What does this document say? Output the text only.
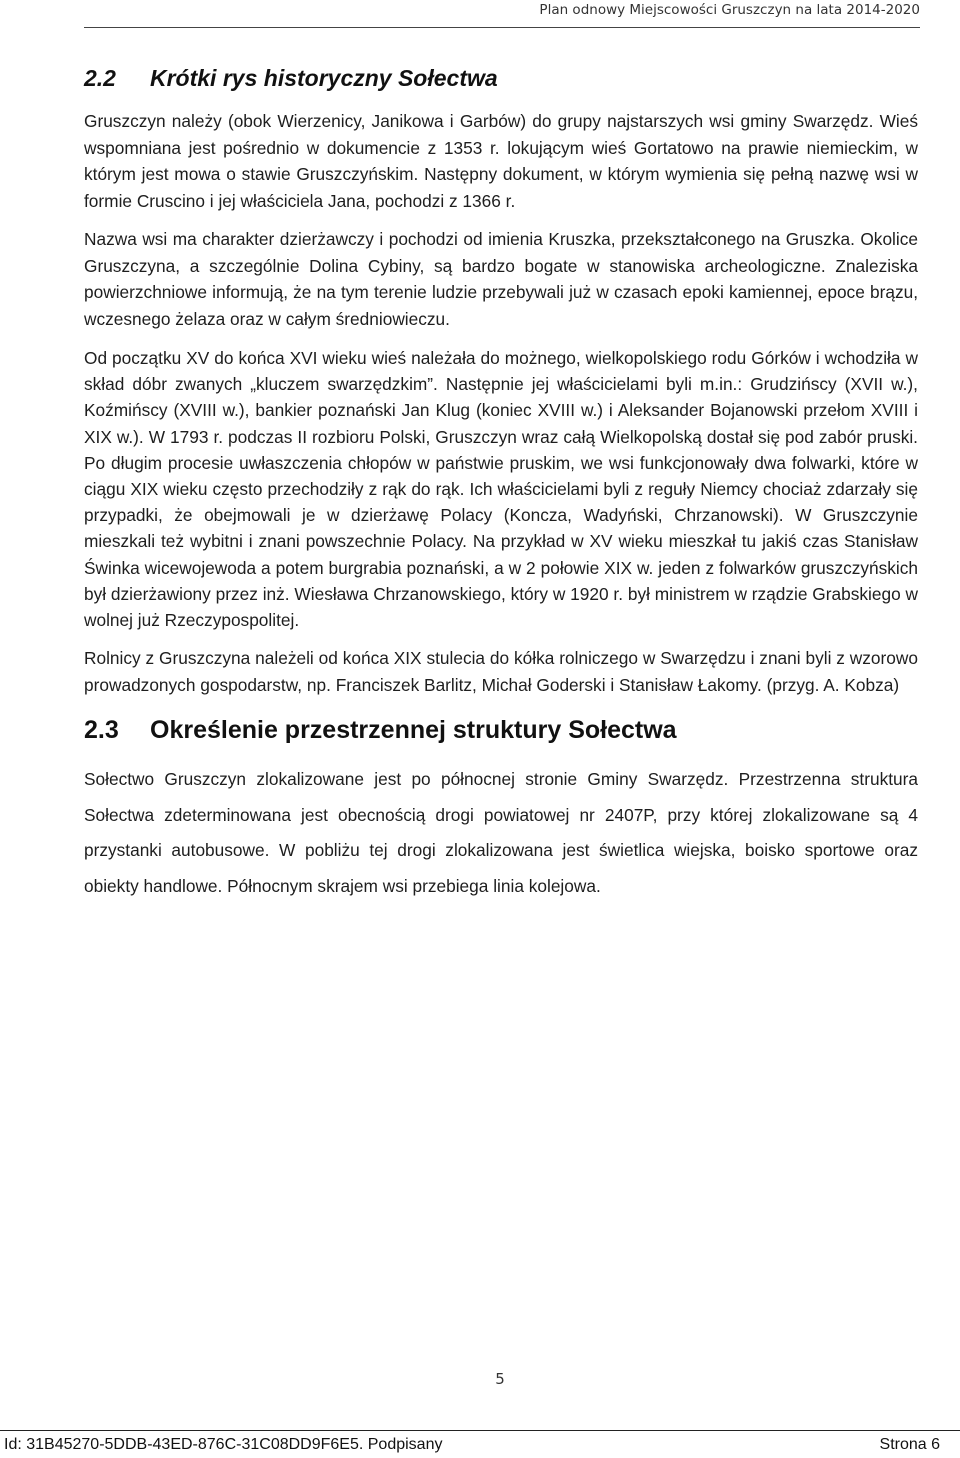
Plan odnowy Miejscowości Gruszczyn na lata 2014-2020
2.2	Krótki rys historyczny Sołectwa

Gruszczyn należy (obok Wierzenicy, Janikowa i Garbów) do grupy najstarszych wsi gminy Swarzędz. Wieś wspomniana jest pośrednio w dokumencie z 1353 r. lokującym wieś Gortatowo na prawie niemieckim, w którym jest mowa o stawie Gruszczyńskim. Następny dokument, w którym wymienia się pełną nazwę wsi w formie Cruscino i jej właściciela Jana, pochodzi z 1366 r.

Nazwa wsi ma charakter dzierżawczy i pochodzi od imienia Kruszka, przekształconego na Gruszka. Okolice Gruszczyna, a szczególnie Dolina Cybiny, są bardzo bogate w stanowiska archeologiczne. Znaleziska powierzchniowe informują, że na tym terenie ludzie przebywali już w czasach epoki kamiennej, epoce brązu, wczesnego żelaza oraz w całym średniowieczu.

Od początku XV do końca XVI wieku wieś należała do możnego, wielkopolskiego rodu Górków i wchodziła w skład dóbr zwanych „kluczem swarzędzkim”. Następnie jej właścicielami byli m.in.: Grudzińscy (XVII w.), Koźmińscy (XVIII w.), bankier poznański Jan Klug (koniec XVIII w.) i Aleksander Bojanowski przełom XVIII i XIX w.). W 1793 r. podczas II rozbioru Polski, Gruszczyn wraz całą Wielkopolską dostał się pod zabór pruski. Po długim procesie uwłaszczenia chłopów w państwie pruskim, we wsi funkcjonowały dwa folwarki, które w ciągu XIX wieku często przechodziły z rąk do rąk. Ich właścicielami byli z reguły Niemcy chociaż zdarzały się przypadki, że obejmowali je w dzierżawę Polacy (Koncza, Wadyński, Chrzanowski). W Gruszczynie mieszkali też wybitni i znani powszechnie Polacy. Na przykład w XV wieku mieszkał tu jakiś czas Stanisław Świnka wicewojewoda a potem burgrabia poznański, a w 2 połowie XIX w. jeden z folwarków gruszczyńskich był dzierżawiony przez inż. Wiesława Chrzanowskiego, który w 1920 r. był ministrem w rządzie Grabskiego w wolnej już Rzeczypospolitej.

Rolnicy z Gruszczyna należeli od końca XIX stulecia do kółka rolniczego w Swarzędzu i znani byli z wzorowo prowadzonych gospodarstw, np. Franciszek Barlitz, Michał Goderski i Stanisław Łakomy. (przyg. A. Kobza)

2.3	Określenie przestrzennej struktury Sołectwa

Sołectwo Gruszczyn zlokalizowane jest po północnej stronie Gminy Swarzędz. Przestrzenna struktura Sołectwa zdeterminowana jest obecnością drogi powiatowej nr 2407P, przy której zlokalizowane są 4 przystanki autobusowe. W pobliżu tej drogi zlokalizowana jest świetlica wiejska, boisko sportowe oraz obiekty handlowe. Północnym skrajem wsi przebiega linia kolejowa.

5
Id: 31B45270-5DDB-43ED-876C-31C08DD9F6E5. Podpisany	Strona 6
